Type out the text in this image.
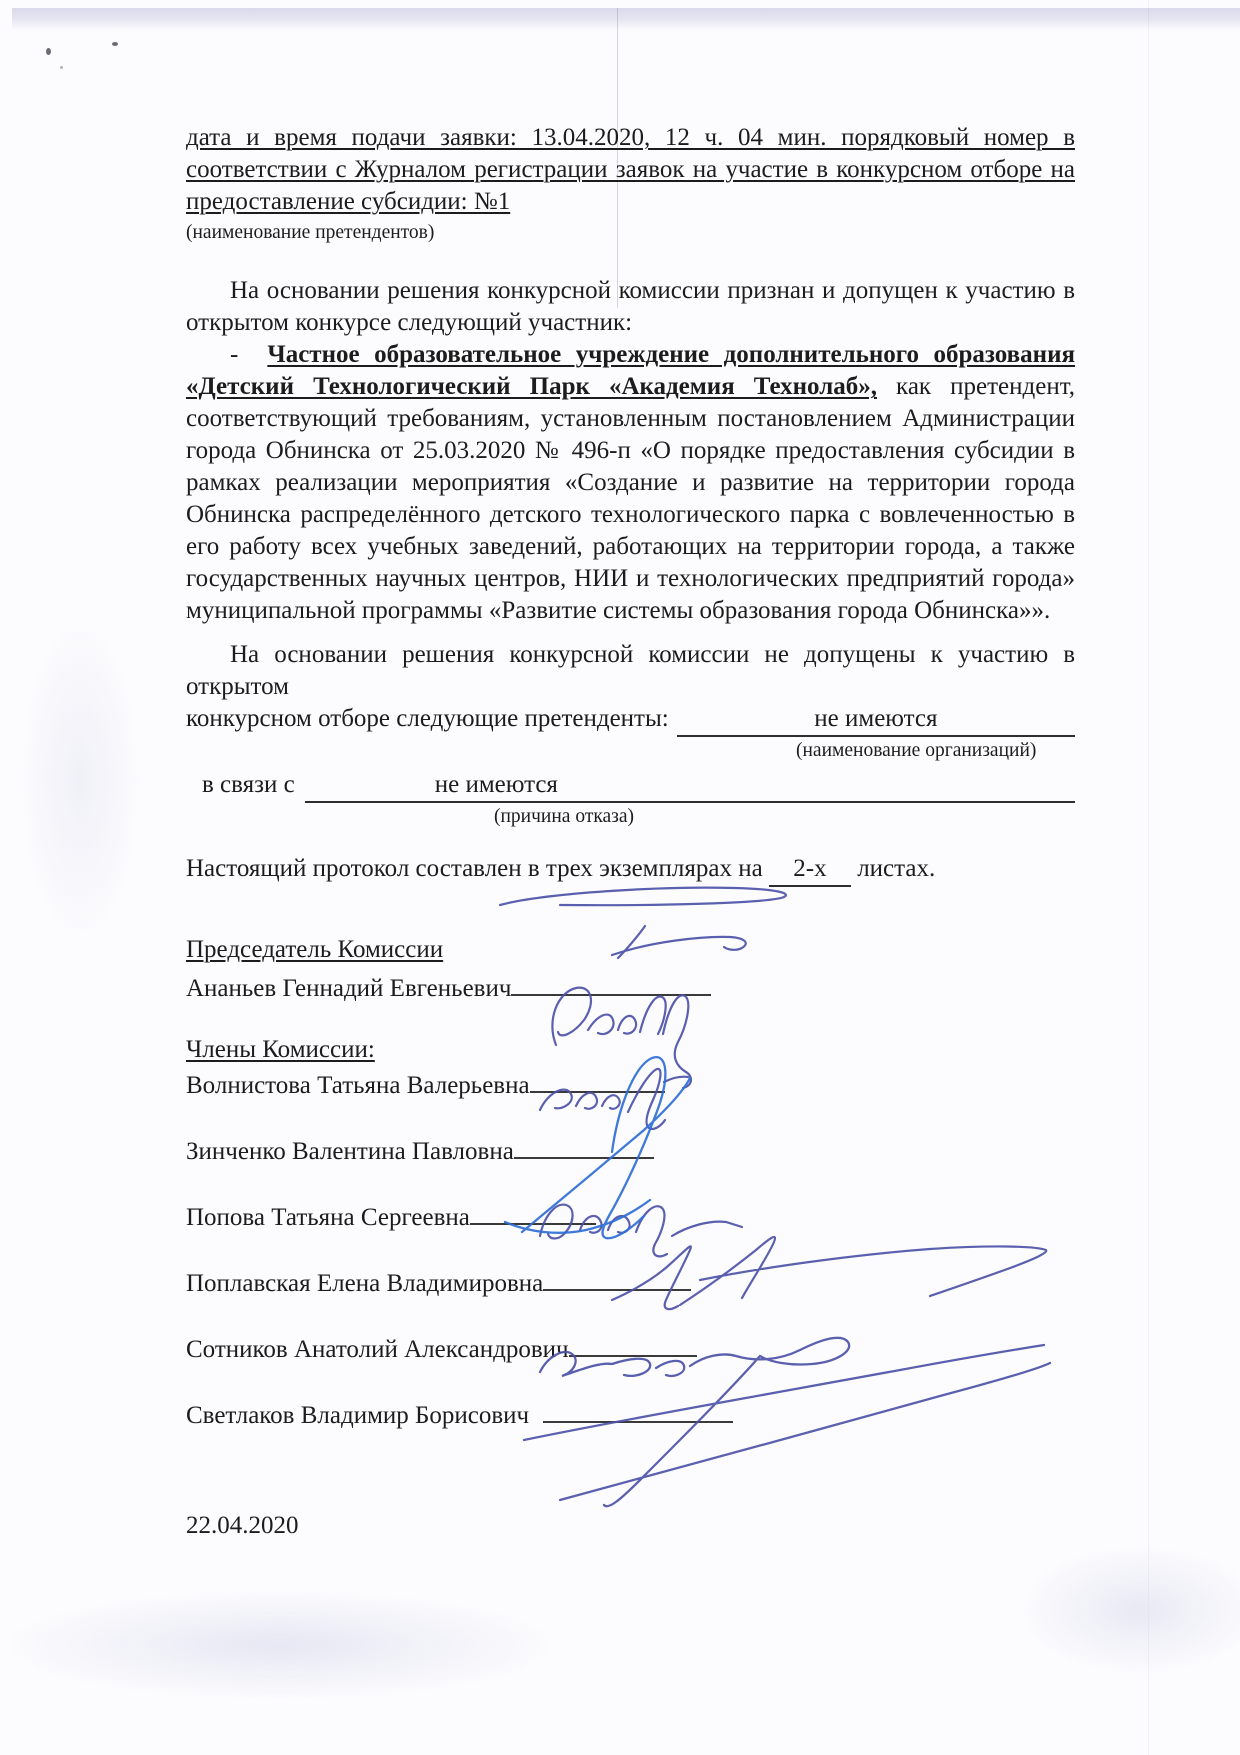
дата и время подачи заявки: 13.04.2020, 12 ч. 04 мин. порядковый номер в соответствии с Журналом регистрации заявок на участие в конкурсном отборе на предоставление субсидии: №1

(наименование претендентов)

На основании решения конкурсной комиссии признан и допущен к участию в открытом конкурсе следующий участник:

- Частное образовательное учреждение дополнительного образования «Детский Технологический Парк «Академия Технолаб», как претендент, соответствующий требованиям, установленным постановлением Администрации города Обнинска от 25.03.2020 № 496-п «О порядке предоставления субсидии в рамках реализации мероприятия «Создание и развитие на территории города Обнинска распределённого детского технологического парка с вовлеченностью в его работу всех учебных заведений, работающих на территории города, а также государственных научных центров, НИИ и технологических предприятий города» муниципальной программы «Развитие системы образования города Обнинска»».

На основании решения конкурсной комиссии не допущены к участию в открытом
конкурсном отборе следующие претенденты:	не имеются
(наименование организаций)
в связи с	не имеются
(причина отказа)

Настоящий протокол составлен в трех экземплярах на 2-х листах.

Председатель Комиссии
Ананьев Геннадий Евгеньевич
Члены Комиссии:
Волнистова Татьяна Валерьевна
Зинченко Валентина Павловна
Попова Татьяна Сергеевна
Поплавская Елена Владимировна
Сотников Анатолий Александрович
Светлаков Владимир Борисович
22.04.2020
